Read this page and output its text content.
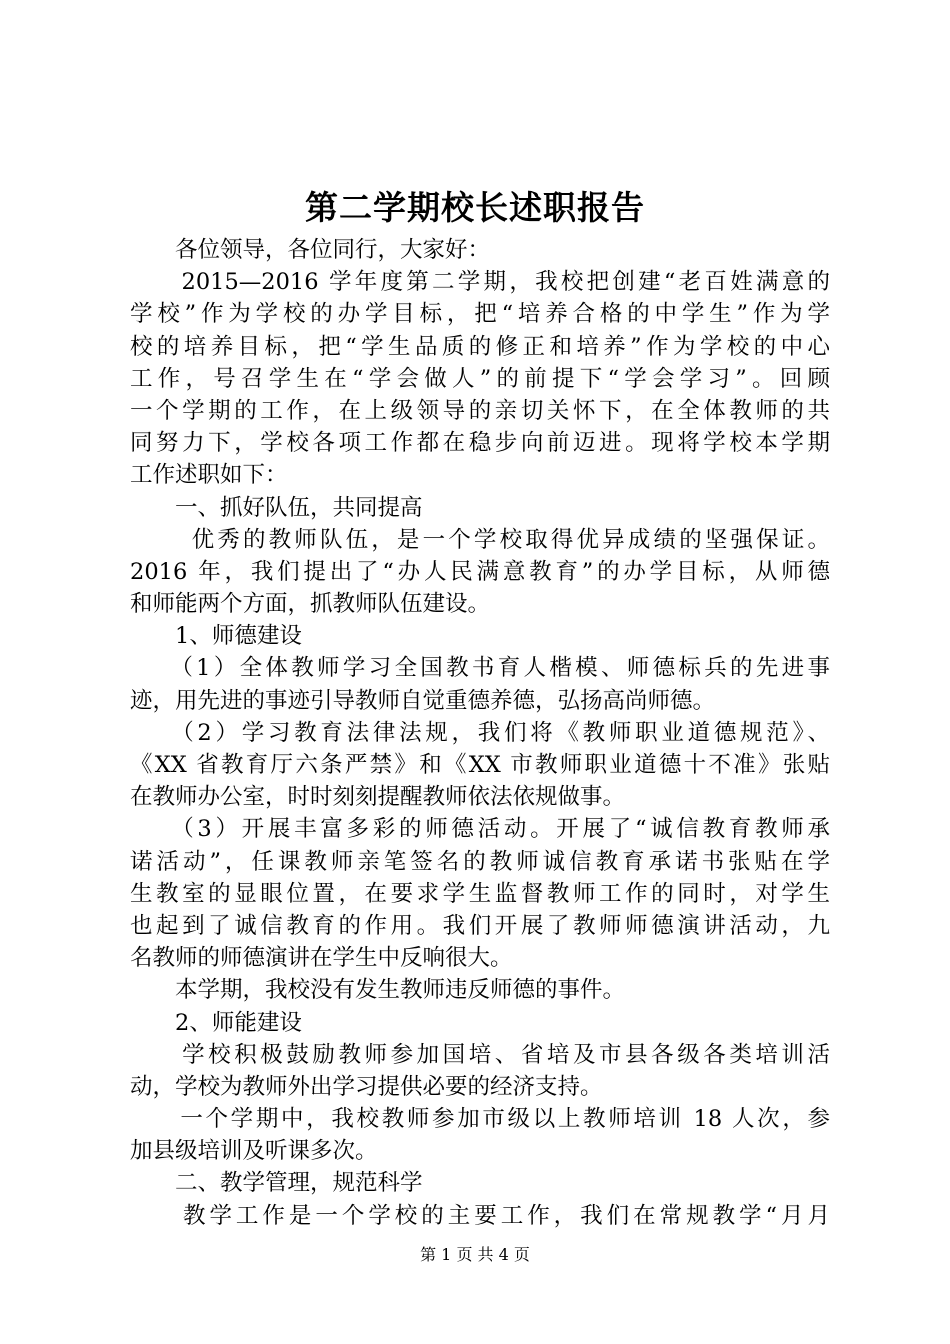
第二学期校长述职报告
　　各位领导，各位同行，大家好：
　　2015—2016 学年度第二学期，我校把创建“老百姓满意的
学校”作为学校的办学目标，把“培养合格的中学生”作为学
校的培养目标，把“学生品质的修正和培养”作为学校的中心
工作，号召学生在“学会做人”的前提下“学会学习”。回顾
一个学期的工作，在上级领导的亲切关怀下，在全体教师的共
同努力下，学校各项工作都在稳步向前迈进。现将学校本学期
工作述职如下：
　　一、抓好队伍，共同提高
　　 优秀的教师队伍，是一个学校取得优异成绩的坚强保证。
2016 年，我们提出了“办人民满意教育”的办学目标，从师德
和师能两个方面，抓教师队伍建设。
　　1、师德建设
　　（1）全体教师学习全国教书育人楷模、师德标兵的先进事
迹，用先进的事迹引导教师自觉重德养德，弘扬高尚师德。
　　（2）学习教育法律法规，我们将《教师职业道德规范》、
《XX 省教育厅六条严禁》和《XX 市教师职业道德十不准》张贴
在教师办公室，时时刻刻提醒教师依法依规做事。
　　（3）开展丰富多彩的师德活动。开展了“诚信教育教师承
诺活动”，任课教师亲笔签名的教师诚信教育承诺书张贴在学
生教室的显眼位置，在要求学生监督教师工作的同时，对学生
也起到了诚信教育的作用。我们开展了教师师德演讲活动，九
名教师的师德演讲在学生中反响很大。
　　本学期，我校没有发生教师违反师德的事件。
　　2、师能建设
　　学校积极鼓励教师参加国培、省培及市县各级各类培训活
动，学校为教师外出学习提供必要的经济支持。
　　一个学期中，我校教师参加市级以上教师培训 18 人次，参
加县级培训及听课多次。
　　二、教学管理，规范科学
　　教学工作是一个学校的主要工作，我们在常规教学“月月
第 1 页 共 4 页
